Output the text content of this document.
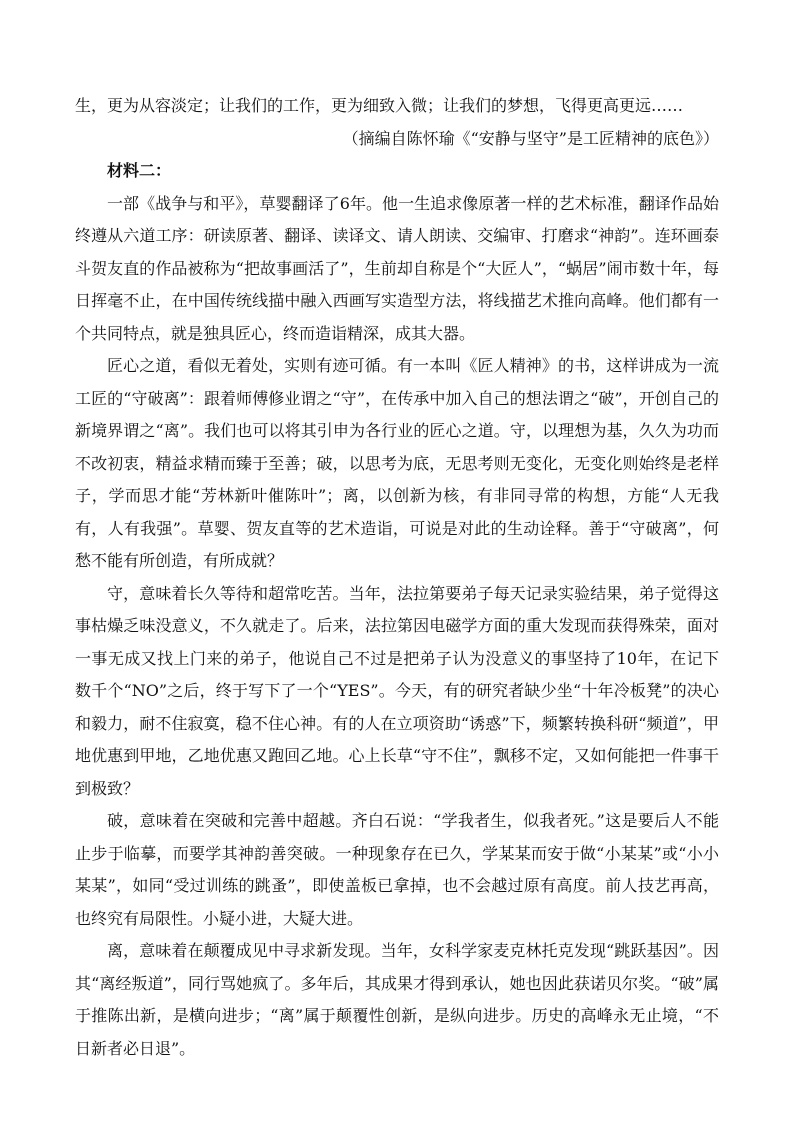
生，更为从容淡定；让我们的工作，更为细致入微；让我们的梦想，飞得更高更远……

（摘编自陈怀瑜《“安静与坚守”是工匠精神的底色》）

材料二：

一部《战争与和平》，草婴翻译了6年。他一生追求像原著一样的艺术标准，翻译作品始终遵从六道工序：研读原著、翻译、读译文、请人朗读、交编审、打磨求“神韵”。连环画泰斗贺友直的作品被称为“把故事画活了”，生前却自称是个“大匠人”，“蜗居”闹市数十年，每日挥毫不止，在中国传统线描中融入西画写实造型方法，将线描艺术推向高峰。他们都有一个共同特点，就是独具匠心，终而造诣精深，成其大器。

匠心之道，看似无着处，实则有迹可循。有一本叫《匠人精神》的书，这样讲成为一流工匠的“守破离”：跟着师傅修业谓之“守”，在传承中加入自己的想法谓之“破”，开创自己的新境界谓之“离”。我们也可以将其引申为各行业的匠心之道。守，以理想为基，久久为功而不改初衷，精益求精而臻于至善；破，以思考为底，无思考则无变化，无变化则始终是老样子，学而思才能“芳林新叶催陈叶”；离，以创新为核，有非同寻常的构想，方能“人无我有，人有我强”。草婴、贺友直等的艺术造诣，可说是对此的生动诠释。善于“守破离”，何愁不能有所创造，有所成就？

守，意味着长久等待和超常吃苦。当年，法拉第要弟子每天记录实验结果，弟子觉得这事枯燥乏味没意义，不久就走了。后来，法拉第因电磁学方面的重大发现而获得殊荣，面对一事无成又找上门来的弟子，他说自己不过是把弟子认为没意义的事坚持了10年，在记下数千个“NO”之后，终于写下了一个“YES”。今天，有的研究者缺少坐“十年冷板凳”的决心和毅力，耐不住寂寞，稳不住心神。有的人在立项资助“诱惑”下，频繁转换科研“频道”，甲地优惠到甲地，乙地优惠又跑回乙地。心上长草“守不住”，飘移不定，又如何能把一件事干到极致？

破，意味着在突破和完善中超越。齐白石说：“学我者生，似我者死。”这是要后人不能止步于临摹，而要学其神韵善突破。一种现象存在已久，学某某而安于做“小某某”或“小小某某”，如同“受过训练的跳蚤”，即使盖板已拿掉，也不会越过原有高度。前人技艺再高，也终究有局限性。小疑小进，大疑大进。

离，意味着在颠覆成见中寻求新发现。当年，女科学家麦克林托克发现“跳跃基因”。因其“离经叛道”，同行骂她疯了。多年后，其成果才得到承认，她也因此获诺贝尔奖。“破”属于推陈出新，是横向进步；“离”属于颠覆性创新，是纵向进步。历史的高峰永无止境，“不日新者必日退”。
